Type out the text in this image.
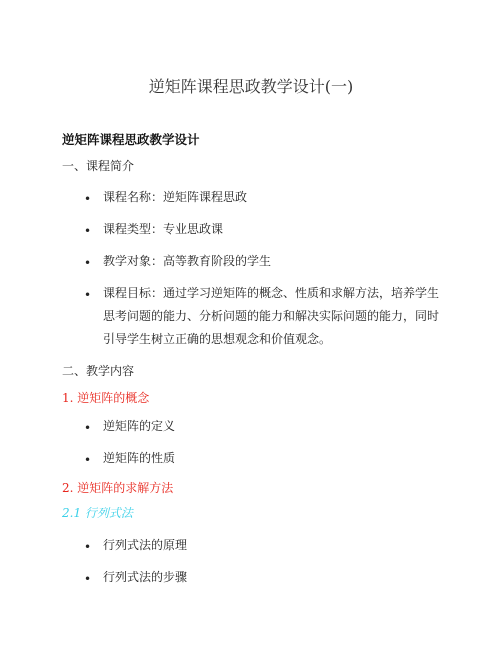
逆矩阵课程思政教学设计(一)
逆矩阵课程思政教学设计
一、课程简介
• 课程名称：逆矩阵课程思政
• 课程类型：专业思政课
• 教学对象：高等教育阶段的学生
• 课程目标：通过学习逆矩阵的概念、性质和求解方法，培养学生
思考问题的能力、分析问题的能力和解决实际问题的能力，同时
引导学生树立正确的思想观念和价值观念。
二、教学内容
1. 逆矩阵的概念
• 逆矩阵的定义
• 逆矩阵的性质
2. 逆矩阵的求解方法
2.1 行列式法
• 行列式法的原理
• 行列式法的步骤
